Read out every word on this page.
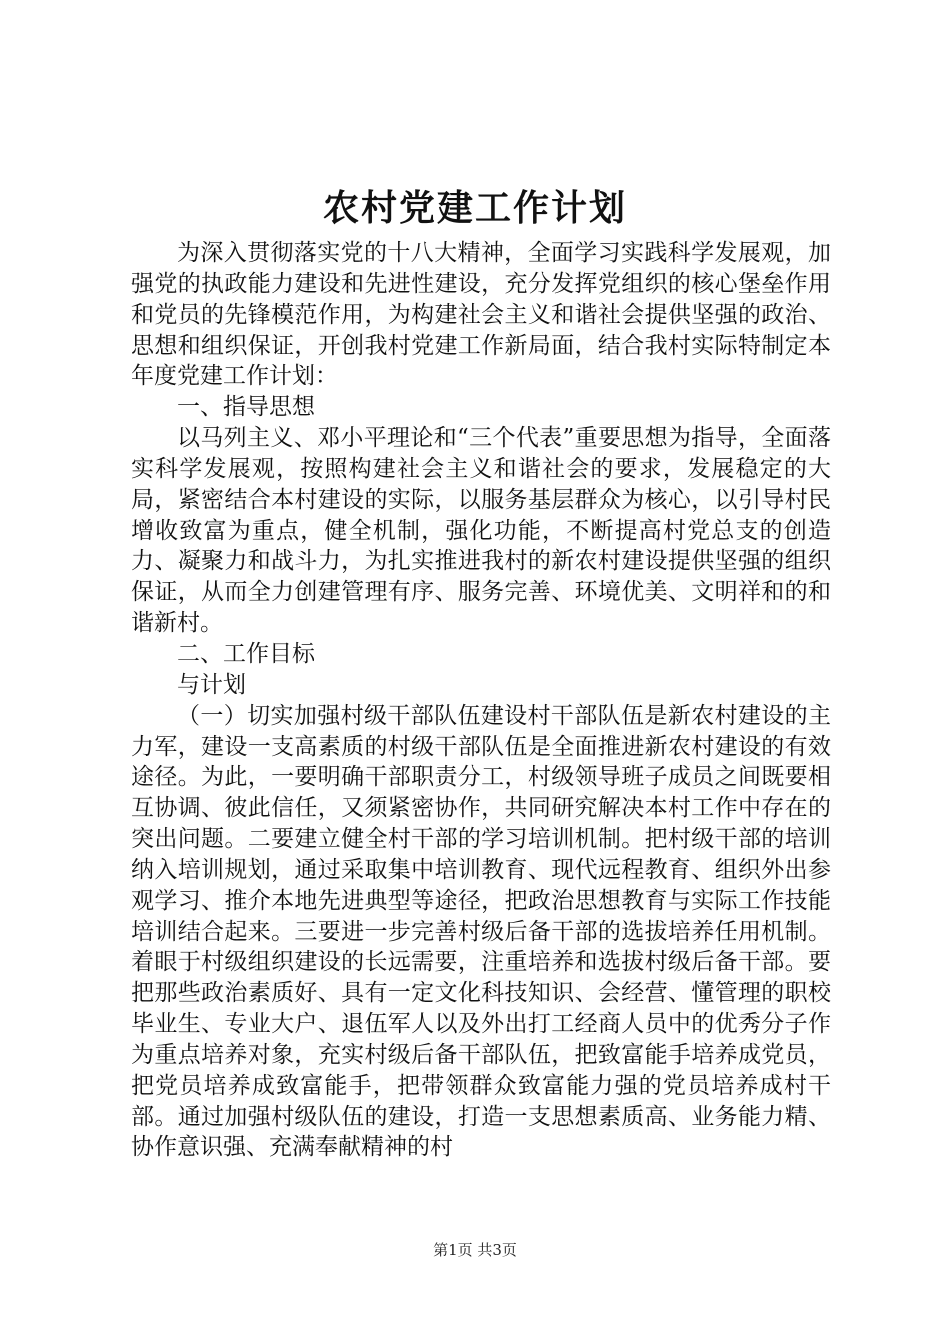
农村党建工作计划

为深入贯彻落实党的十八大精神，全面学习实践科学发展观，加强党的执政能力建设和先进性建设，充分发挥党组织的核心堡垒作用和党员的先锋模范作用，为构建社会主义和谐社会提供坚强的政治、思想和组织保证，开创我村党建工作新局面，结合我村实际特制定本年度党建工作计划：

一、指导思想

以马列主义、邓小平理论和“三个代表”重要思想为指导，全面落实科学发展观，按照构建社会主义和谐社会的要求，发展稳定的大局，紧密结合本村建设的实际，以服务基层群众为核心，以引导村民增收致富为重点，健全机制，强化功能，不断提高村党总支的创造力、凝聚力和战斗力，为扎实推进我村的新农村建设提供坚强的组织保证，从而全力创建管理有序、服务完善、环境优美、文明祥和的和谐新村。

二、工作目标

与计划

（一）切实加强村级干部队伍建设村干部队伍是新农村建设的主力军，建设一支高素质的村级干部队伍是全面推进新农村建设的有效途径。为此，一要明确干部职责分工，村级领导班子成员之间既要相互协调、彼此信任，又须紧密协作，共同研究解决本村工作中存在的突出问题。二要建立健全村干部的学习培训机制。把村级干部的培训纳入培训规划，通过采取集中培训教育、现代远程教育、组织外出参观学习、推介本地先进典型等途径，把政治思想教育与实际工作技能培训结合起来。三要进一步完善村级后备干部的选拔培养任用机制。着眼于村级组织建设的长远需要，注重培养和选拔村级后备干部。要把那些政治素质好、具有一定文化科技知识、会经营、懂管理的职校毕业生、专业大户、退伍军人以及外出打工经商人员中的优秀分子作为重点培养对象，充实村级后备干部队伍，把致富能手培养成党员，把党员培养成致富能手，把带领群众致富能力强的党员培养成村干部。通过加强村级队伍的建设，打造一支思想素质高、业务能力精、协作意识强、充满奉献精神的村

第1页 共3页
